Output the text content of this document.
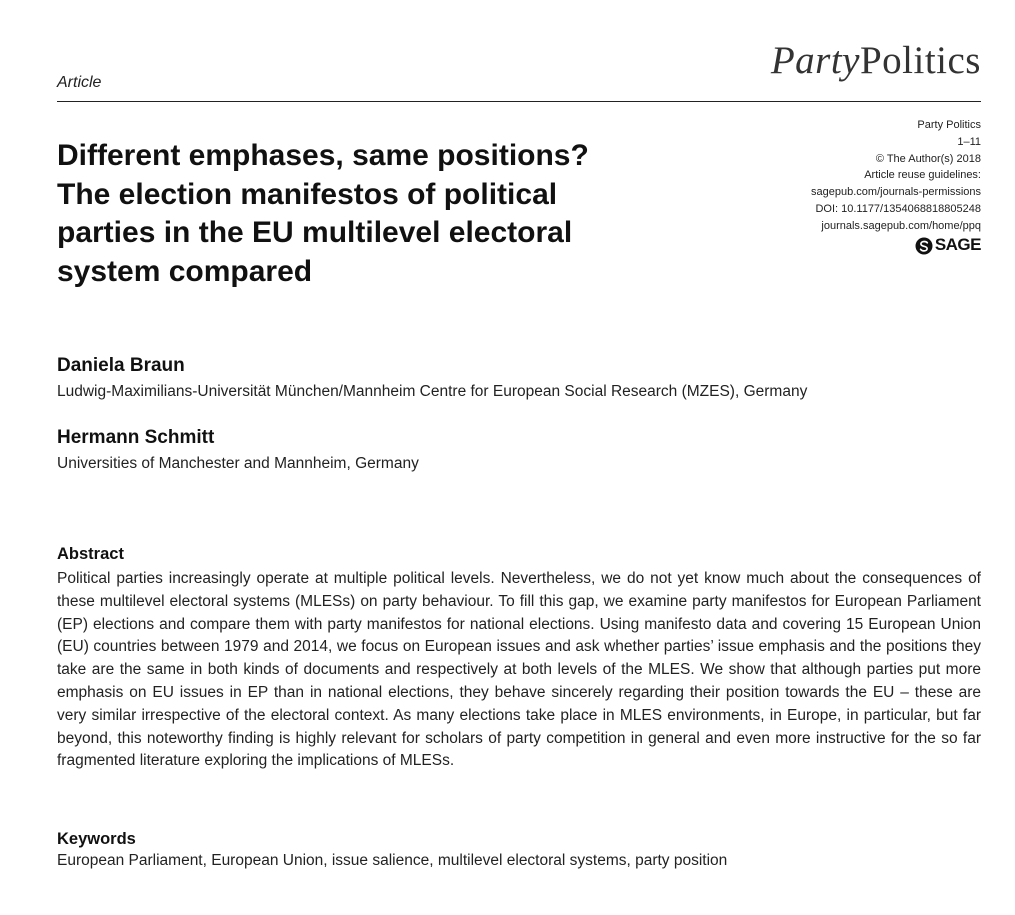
PartyPolitics
Article
Different emphases, same positions?
The election manifestos of political
parties in the EU multilevel electoral
system compared
Party Politics
1–11
© The Author(s) 2018
Article reuse guidelines:
sagepub.com/journals-permissions
DOI: 10.1177/1354068818805248
journals.sagepub.com/home/ppq
SAGE
Daniela Braun
Ludwig-Maximilians-Universität München/Mannheim Centre for European Social Research (MZES), Germany
Hermann Schmitt
Universities of Manchester and Mannheim, Germany
Abstract
Political parties increasingly operate at multiple political levels. Nevertheless, we do not yet know much about the consequences of these multilevel electoral systems (MLESs) on party behaviour. To fill this gap, we examine party manifestos for European Parliament (EP) elections and compare them with party manifestos for national elections. Using manifesto data and covering 15 European Union (EU) countries between 1979 and 2014, we focus on European issues and ask whether parties’ issue emphasis and the positions they take are the same in both kinds of documents and respectively at both levels of the MLES. We show that although parties put more emphasis on EU issues in EP than in national elections, they behave sincerely regarding their position towards the EU – these are very similar irrespective of the electoral context. As many elections take place in MLES environments, in Europe, in particular, but far beyond, this noteworthy finding is highly relevant for scholars of party competition in general and even more instructive for the so far fragmented literature exploring the implications of MLESs.
Keywords
European Parliament, European Union, issue salience, multilevel electoral systems, party position
